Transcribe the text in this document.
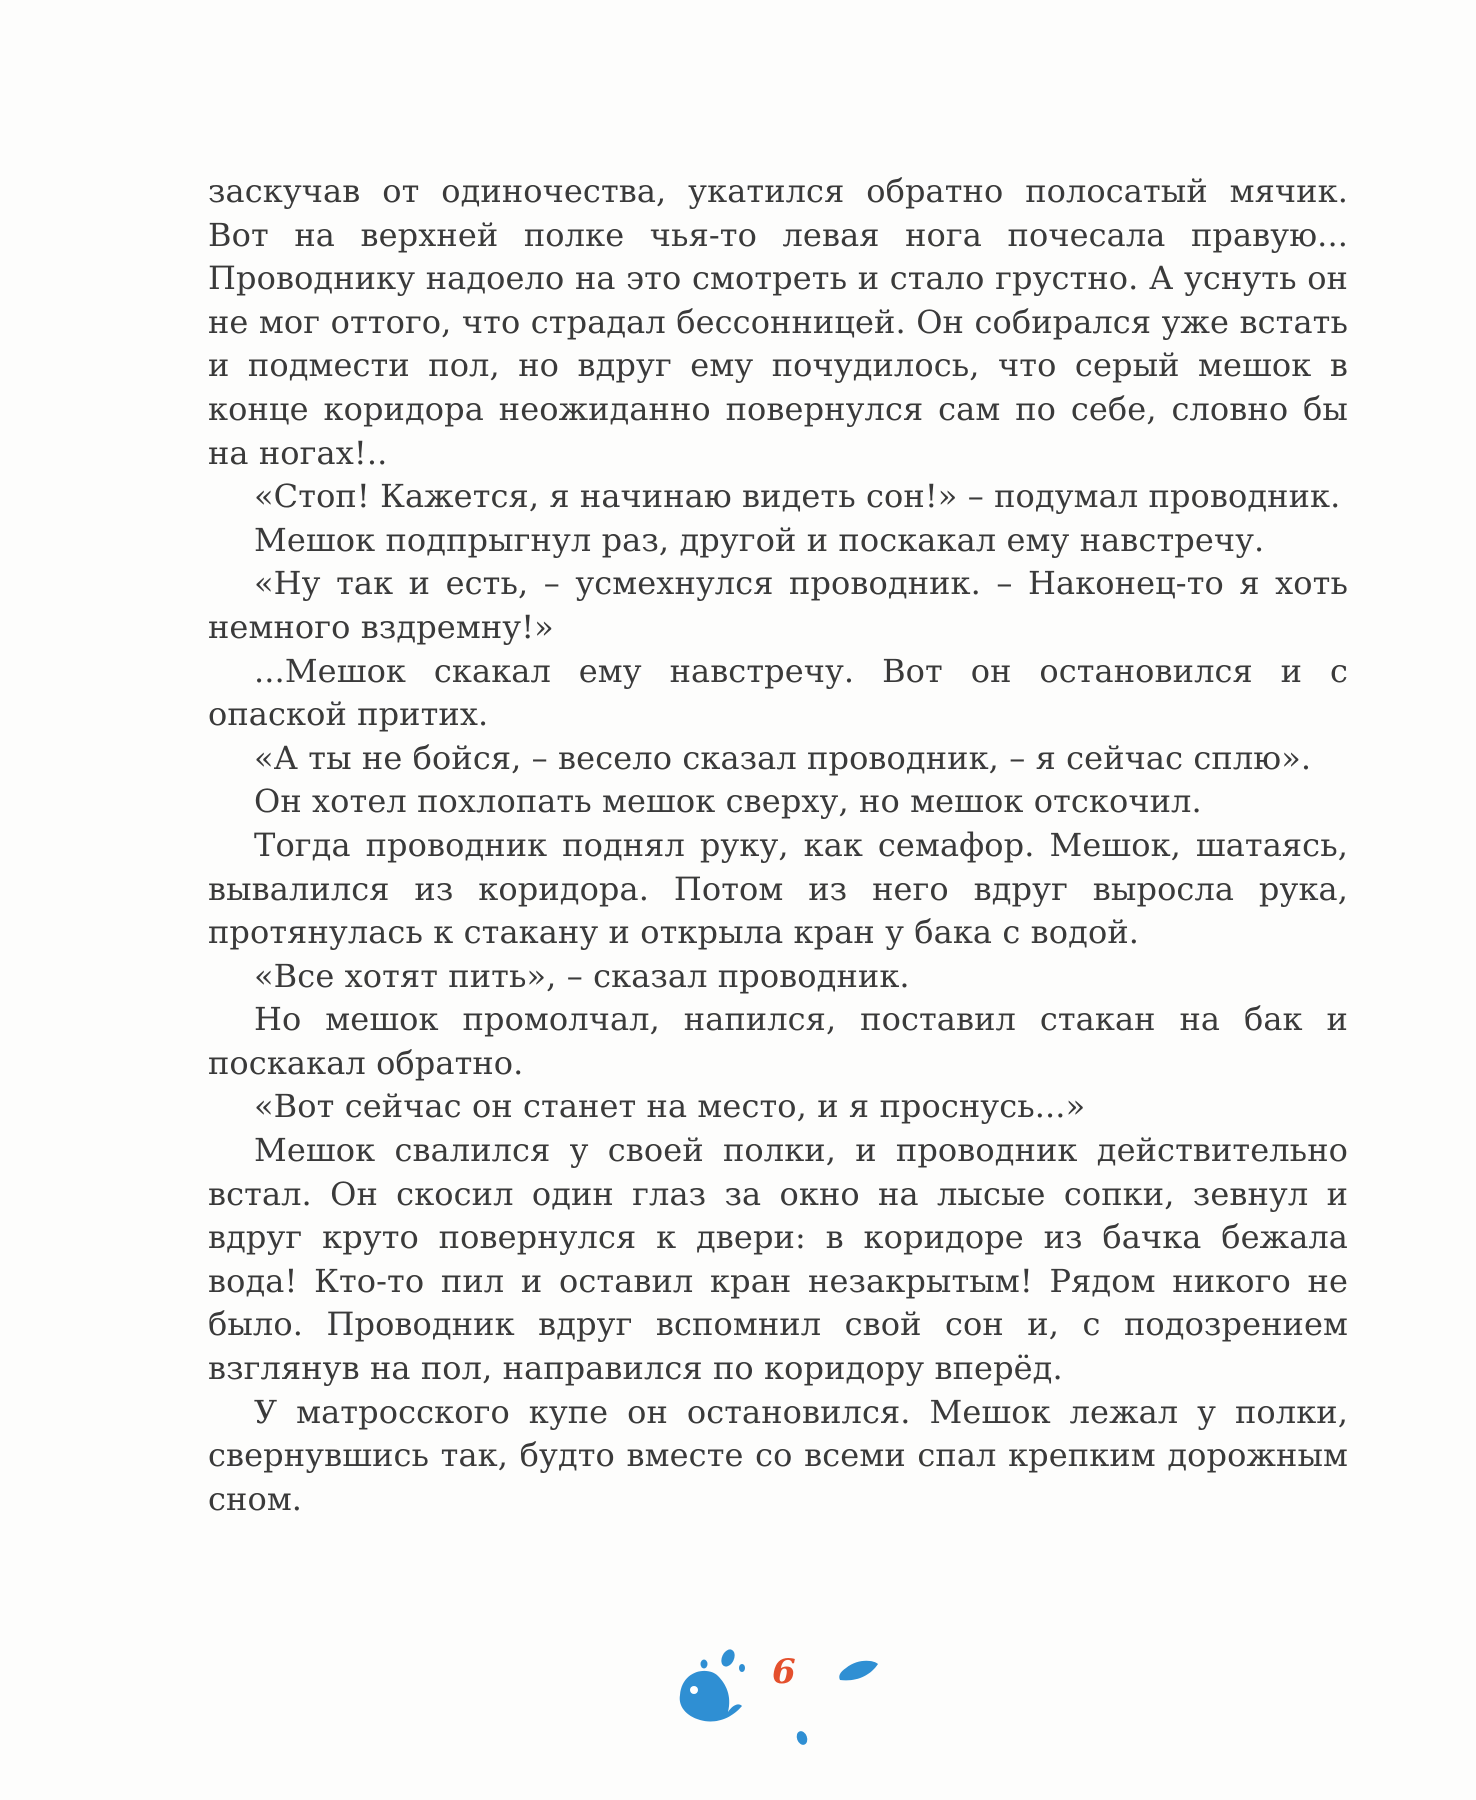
заскучав от одиночества, укатился обратно полосатый мячик. Вот на верхней полке чья-то левая нога почесала правую... Проводнику надоело на это смотреть и стало грустно. А уснуть он не мог оттого, что страдал бессонницей. Он собирался уже встать и подмести пол, но вдруг ему почудилось, что серый мешок в конце коридора неожиданно повернулся сам по себе, словно бы на ногах!..

«Стоп! Кажется, я начинаю видеть сон!» – подумал проводник.

Мешок подпрыгнул раз, другой и поскакал ему навстречу.

«Ну так и есть, – усмехнулся проводник. – Наконец-то я хоть немного вздремну!»

...Мешок скакал ему навстречу. Вот он остановился и с опаской притих.

«А ты не бойся, – весело сказал проводник, – я сейчас сплю».

Он хотел похлопать мешок сверху, но мешок отскочил.

Тогда проводник поднял руку, как семафор. Мешок, шатаясь, вывалился из коридора. Потом из него вдруг выросла рука, протянулась к стакану и открыла кран у бака с водой.

«Все хотят пить», – сказал проводник.

Но мешок промолчал, напился, поставил стакан на бак и поскакал обратно.

«Вот сейчас он станет на место, и я проснусь...»

Мешок свалился у своей полки, и проводник действительно встал. Он скосил один глаз за окно на лысые сопки, зевнул и вдруг круто повернулся к двери: в коридоре из бачка бежала вода! Кто-то пил и оставил кран незакрытым! Рядом никого не было. Проводник вдруг вспомнил свой сон и, с подозрением взглянув на пол, направился по коридору вперёд.

У матросского купе он остановился. Мешок лежал у полки, свернувшись так, будто вместе со всеми спал крепким дорожным сном.

6
